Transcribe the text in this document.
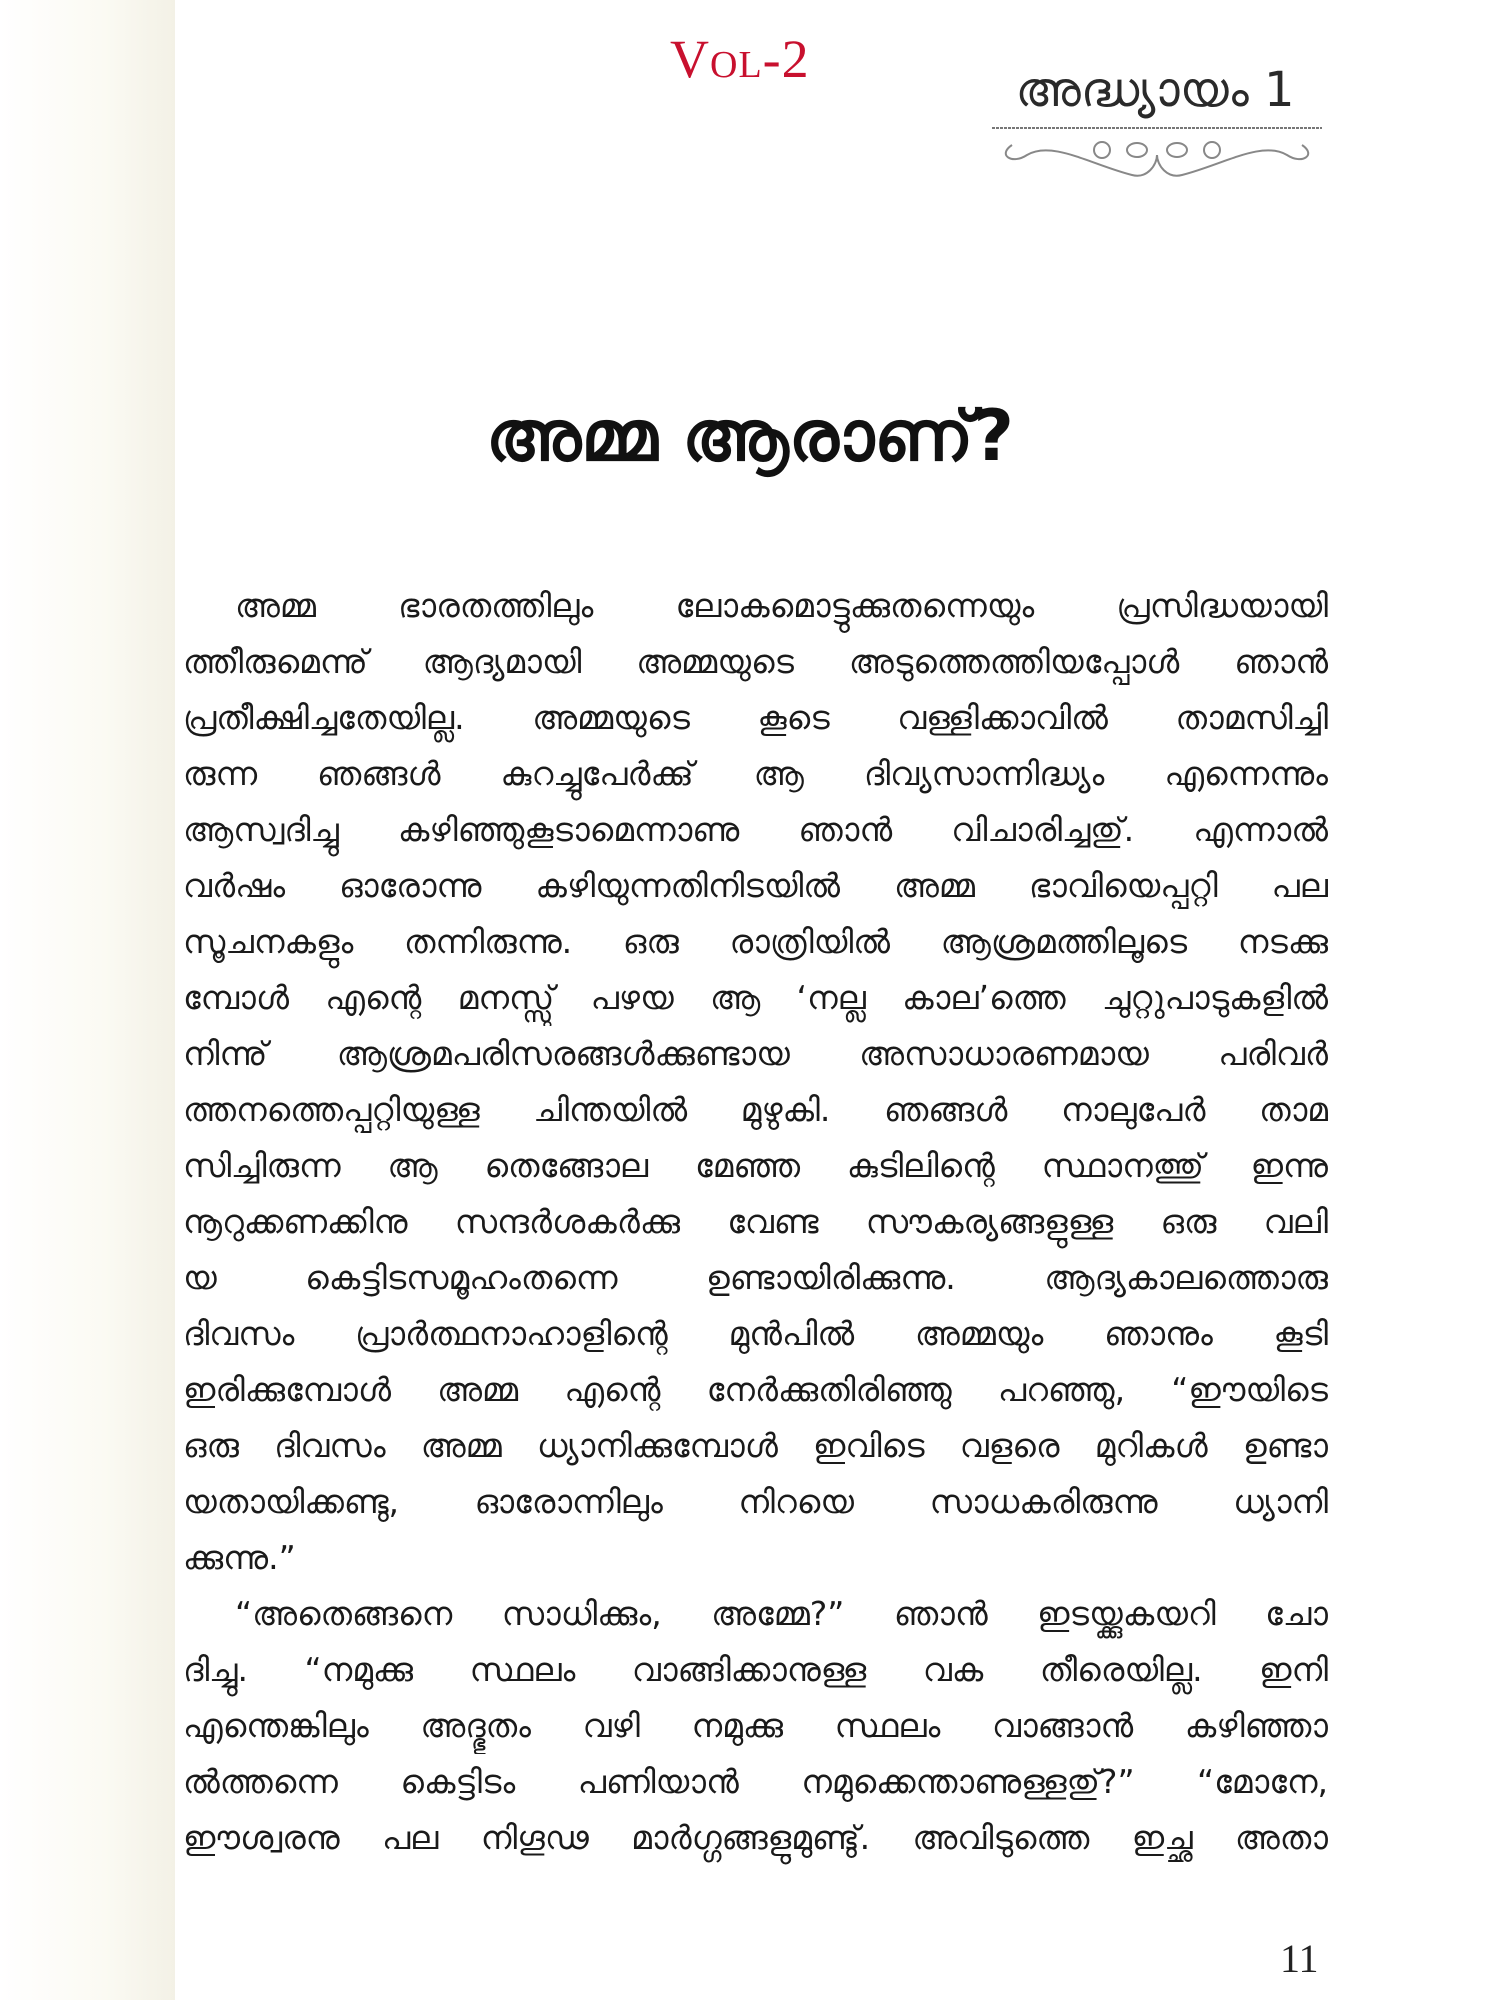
Vol-2
അദ്ധ്യായം 1
അമ്മ ആരാണ്?
അമ്മ ഭാരതത്തിലും ലോകമൊട്ടുക്കുതന്നെയും പ്രസിദ്ധയായി
ത്തീരുമെന്നു് ആദ്യമായി അമ്മയുടെ അടുത്തെത്തിയപ്പോൾ ഞാൻ
പ്രതീക്ഷിച്ചതേയില്ല. അമ്മയുടെ കൂടെ വള്ളിക്കാവിൽ താമസിച്ചി
രുന്ന ഞങ്ങൾ കുറച്ചുപേർക്കു് ആ ദിവ്യസാന്നിദ്ധ്യം എന്നെന്നും
ആസ്വദിച്ചു കഴിഞ്ഞുകൂടാമെന്നാണു ഞാൻ വിചാരിച്ചതു്. എന്നാൽ
വർഷം ഓരോന്നു കഴിയുന്നതിനിടയിൽ അമ്മ ഭാവിയെപ്പറ്റി പല
സൂചനകളും തന്നിരുന്നു. ഒരു രാത്രിയിൽ ആശ്രമത്തിലൂടെ നടക്കു
മ്പോൾ എന്റെ മനസ്സു് പഴയ ആ ‘നല്ല കാല’ത്തെ ചുറ്റുപാടുകളിൽ
നിന്നു് ആശ്രമപരിസരങ്ങൾക്കുണ്ടായ അസാധാരണമായ പരിവർ
ത്തനത്തെപ്പറ്റിയുള്ള ചിന്തയിൽ മുഴുകി. ഞങ്ങൾ നാലുപേർ താമ
സിച്ചിരുന്ന ആ തെങ്ങോല മേഞ്ഞ കുടിലിന്റെ സ്ഥാനത്തു് ഇന്നു
നൂറുക്കണക്കിനു സന്ദർശകർക്കു വേണ്ട സൗകര്യങ്ങളുള്ള ഒരു വലി
യ കെട്ടിടസമൂഹംതന്നെ ഉണ്ടായിരിക്കുന്നു. ആദ്യകാലത്തൊരു
ദിവസം പ്രാർത്ഥനാഹാളിന്റെ മുൻപിൽ അമ്മയും ഞാനും കൂടി
ഇരിക്കുമ്പോൾ അമ്മ എന്റെ നേർക്കുതിരിഞ്ഞു പറഞ്ഞു, “ഈയിടെ
ഒരു ദിവസം അമ്മ ധ്യാനിക്കുമ്പോൾ ഇവിടെ വളരെ മുറികൾ ഉണ്ടാ
യതായിക്കണ്ടു, ഓരോന്നിലും നിറയെ സാധകരിരുന്നു ധ്യാനി
ക്കുന്നു.”
“അതെങ്ങനെ സാധിക്കും, അമ്മേ?” ഞാൻ ഇടയ്ക്കുകയറി ചോ
ദിച്ചു. “നമുക്കു സ്ഥലം വാങ്ങിക്കാനുള്ള വക തീരെയില്ല. ഇനി
എന്തെങ്കിലും അദ്ഭുതം വഴി നമുക്കു സ്ഥലം വാങ്ങാൻ കഴിഞ്ഞാ
ൽത്തന്നെ കെട്ടിടം പണിയാൻ നമുക്കെന്താണുള്ളതു്?” “മോനേ,
ഈശ്വരനു പല നിഗൂഢ മാർഗ്ഗങ്ങളുമുണ്ടു്. അവിടുത്തെ ഇച്ഛ അതാ
11
